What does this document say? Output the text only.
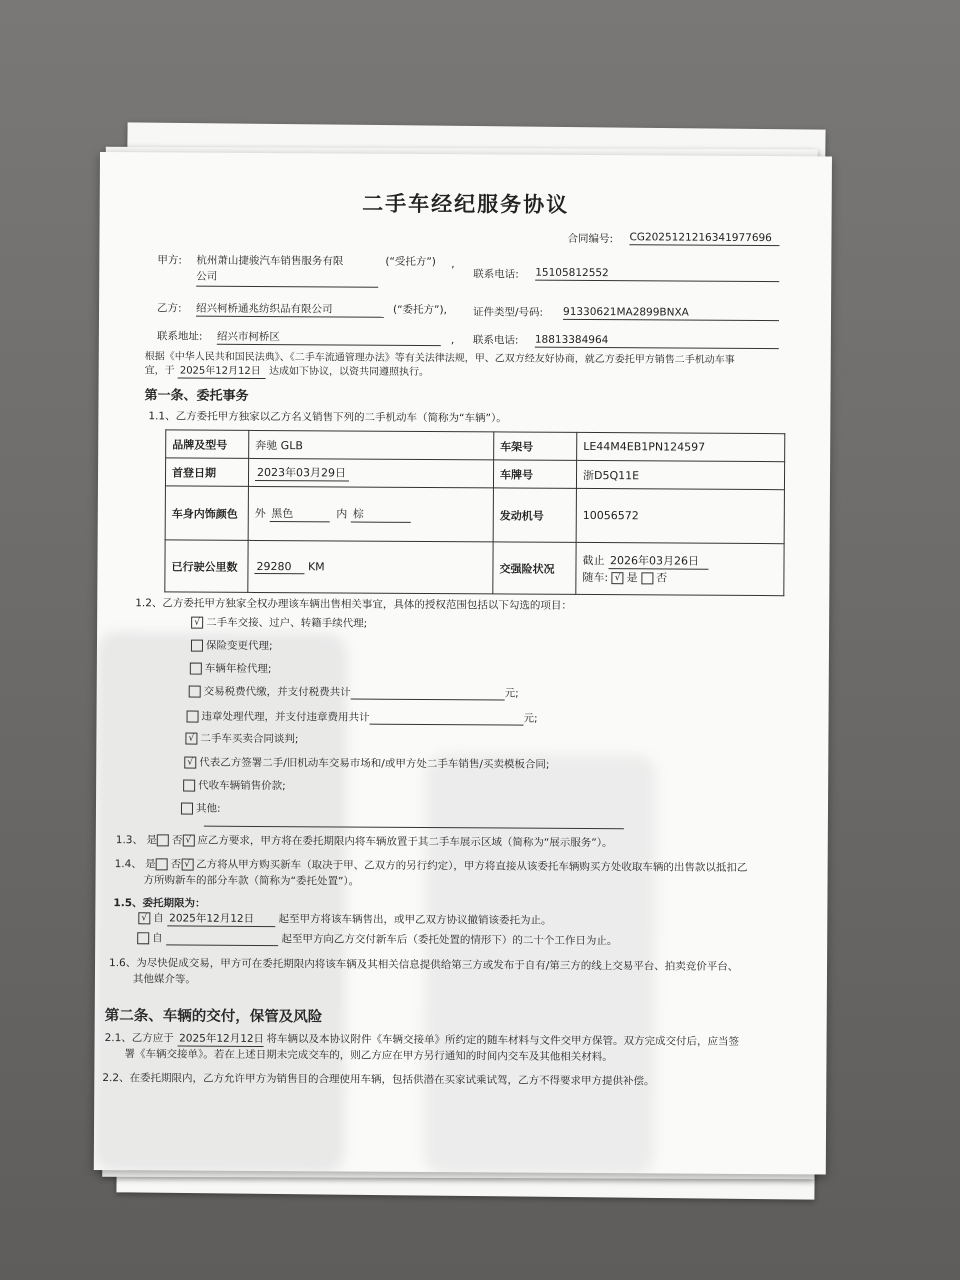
二手车经纪服务协议
合同编号: CG2025121216341977696
甲方: 杭州萧山捷骏汽车销售服务有限
公司
(“受托方”) ,
联系电话: 15105812552
乙方: 绍兴柯桥通兆纺织品有限公司	(“委托方”), 证件类型/号码: 91330621MA2899BNXA
联系地址: 绍兴市柯桥区	, 联系电话: 18813384964
根据《中华人民共和国民法典》、《二手车流通管理办法》等有关法律法规，甲、乙双方经友好协商，就乙方委托甲方销售二手机动车事
宜，于 2025年12月12日 达成如下协议，以资共同遵照执行。
第一条、委托事务
1.1、乙方委托甲方独家以乙方名义销售下列的二手机动车（简称为“车辆”）。
品牌及型号	奔驰 GLB	车架号	LE44M4EB1PN124597
首登日期	2023年03月29日	车牌号	浙D5Q11E
车身内饰颜色	外 黑色 内 棕	发动机号	10056572
已行驶公里数	29280 KM	交强险状况	截止 2026年03月26日
随车: √ 是 否
1.2、乙方委托甲方独家全权办理该车辆出售相关事宜，具体的授权范围包括以下勾选的项目：
√ 二手车交接、过户、转籍手续代理;
保险变更代理;
车辆年检代理;
交易税费代缴，并支付税费共计	元;
违章处理代理，并支付违章费用共计	元;
√ 二手车买卖合同谈判;
√ 代表乙方签署二手/旧机动车交易市场和/或甲方处二手车销售/买卖模板合同;
代收车辆销售价款;
其他:
1.3、 是 否 √ 应乙方要求，甲方将在委托期限内将车辆放置于其二手车展示区域（简称为“展示服务”）。
1.4、 是 否 √ 乙方将从甲方购买新车（取决于甲、乙双方的另行约定），甲方将直接从该委托车辆购买方处收取车辆的出售款以抵扣乙
方所购新车的部分车款（简称为“委托处置”）。
1.5、委托期限为：
√ 自 2025年12月12日 起至甲方将该车辆售出，或甲乙双方协议撤销该委托为止。
自	起至甲方向乙方交付新车后（委托处置的情形下）的二十个工作日为止。
1.6、为尽快促成交易，甲方可在委托期限内将该车辆及其相关信息提供给第三方或发布于自有/第三方的线上交易平台、拍卖竞价平台、
其他媒介等。
第二条、车辆的交付，保管及风险
2.1、乙方应于 2025年12月12日 将车辆以及本协议附件《车辆交接单》所约定的随车材料与文件交甲方保管。双方完成交付后，应当签
署《车辆交接单》。若在上述日期未完成交车的，则乙方应在甲方另行通知的时间内交车及其他相关材料。
2.2、在委托期限内，乙方允许甲方为销售目的合理使用车辆，包括供潜在买家试乘试驾，乙方不得要求甲方提供补偿。
